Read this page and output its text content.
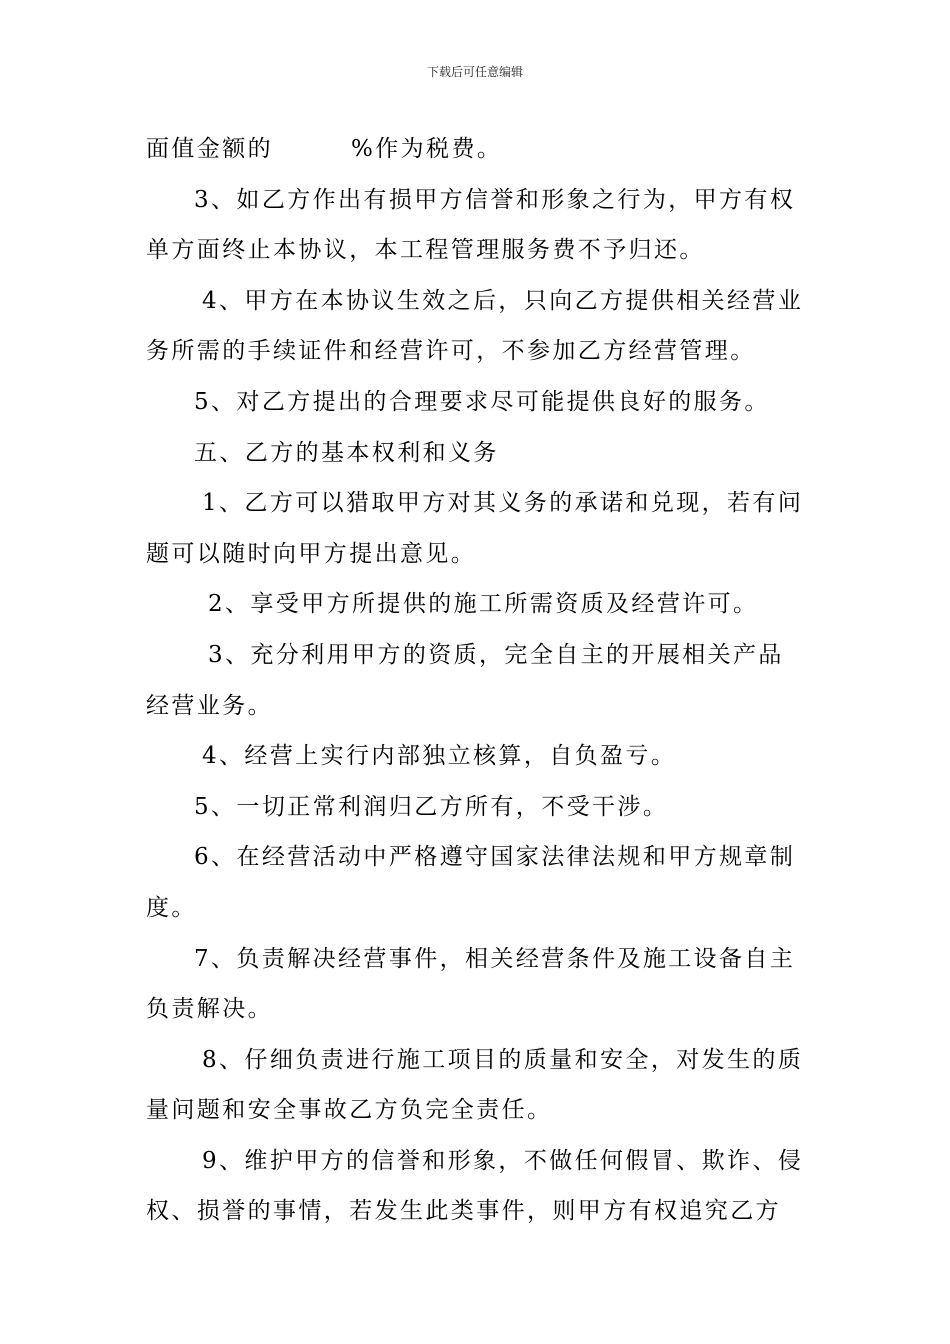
下载后可任意编辑
面值金额的	%作为税费。
3、如乙方作出有损甲方信誉和形象之行为，甲方有权
单方面终止本协议，本工程管理服务费不予归还。
4、甲方在本协议生效之后，只向乙方提供相关经营业
务所需的手续证件和经营许可，不参加乙方经营管理。
5、对乙方提出的合理要求尽可能提供良好的服务。
五、乙方的基本权利和义务
1、乙方可以猎取甲方对其义务的承诺和兑现，若有问
题可以随时向甲方提出意见。
2、享受甲方所提供的施工所需资质及经营许可。
3、充分利用甲方的资质，完全自主的开展相关产品
经营业务。
4、经营上实行内部独立核算，自负盈亏。
5、一切正常利润归乙方所有，不受干涉。
6、在经营活动中严格遵守国家法律法规和甲方规章制
度。
7、负责解决经营事件，相关经营条件及施工设备自主
负责解决。
8、仔细负责进行施工项目的质量和安全，对发生的质
量问题和安全事故乙方负完全责任。
9、维护甲方的信誉和形象，不做任何假冒、欺诈、侵
权、损誉的事情，若发生此类事件，则甲方有权追究乙方
